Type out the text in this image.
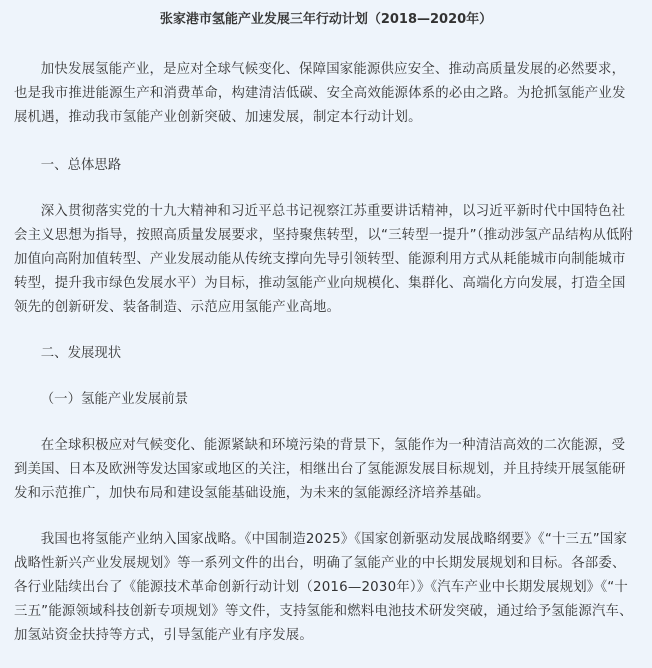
张家港市氢能产业发展三年行动计划（2018—2020年）

加快发展氢能产业，是应对全球气候变化、保障国家能源供应安全、推动高质量发展的必然要求，也是我市推进能源生产和消费革命，构建清洁低碳、安全高效能源体系的必由之路。为抢抓氢能产业发展机遇，推动我市氢能产业创新突破、加速发展，制定本行动计划。

一、总体思路

深入贯彻落实党的十九大精神和习近平总书记视察江苏重要讲话精神，以习近平新时代中国特色社会主义思想为指导，按照高质量发展要求，坚持聚焦转型，以“三转型一提升”（推动涉氢产品结构从低附加值向高附加值转型、产业发展动能从传统支撑向先导引领转型、能源利用方式从耗能城市向制能城市转型，提升我市绿色发展水平）为目标，推动氢能产业向规模化、集群化、高端化方向发展，打造全国领先的创新研发、装备制造、示范应用氢能产业高地。

二、发展现状

（一）氢能产业发展前景

在全球积极应对气候变化、能源紧缺和环境污染的背景下，氢能作为一种清洁高效的二次能源，受到美国、日本及欧洲等发达国家或地区的关注，相继出台了氢能源发展目标规划，并且持续开展氢能研发和示范推广，加快布局和建设氢能基础设施，为未来的氢能源经济培养基础。

我国也将氢能产业纳入国家战略。《中国制造2025》《国家创新驱动发展战略纲要》《“十三五”国家战略性新兴产业发展规划》等一系列文件的出台，明确了氢能产业的中长期发展规划和目标。各部委、各行业陆续出台了《能源技术革命创新行动计划（2016—2030年）》《汽车产业中长期发展规划》《“十三五”能源领域科技创新专项规划》等文件，支持氢能和燃料电池技术研发突破，通过给予氢能源汽车、加氢站资金扶持等方式，引导氢能产业有序发展。
